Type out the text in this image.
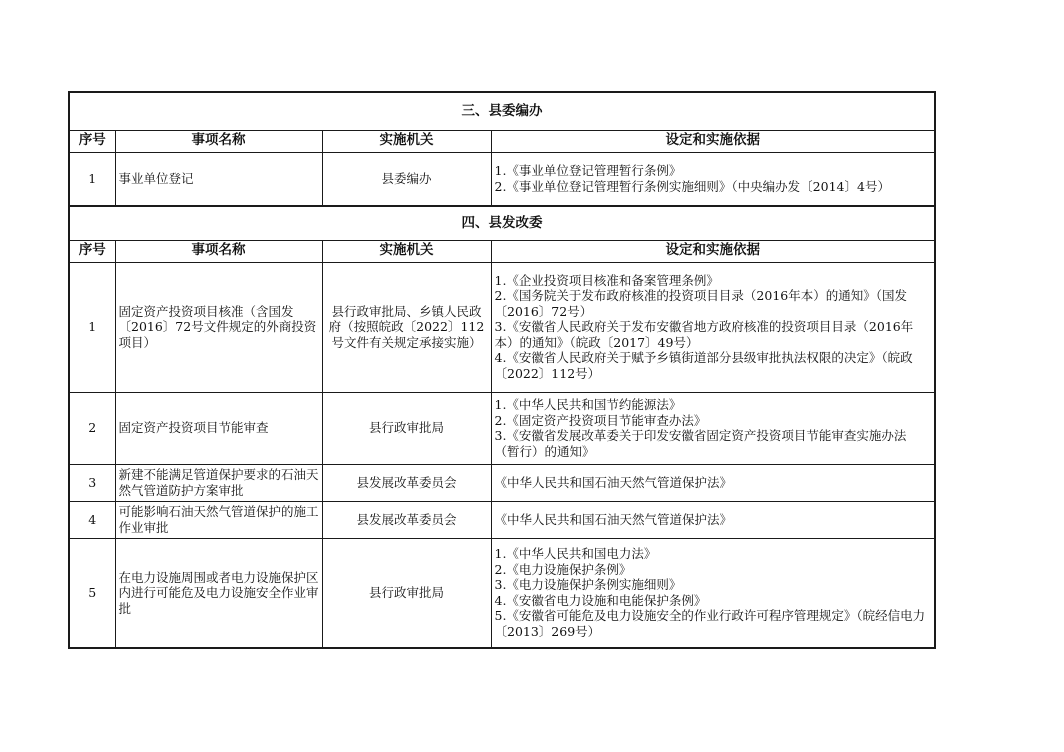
三、县委编办			
序号	事项名称	实施机关	设定和实施依据
1	事业单位登记	县委编办	1.《事业单位登记管理暂行条例》
2.《事业单位登记管理暂行条例实施细则》（中央编办发〔2014〕4号）

四、县发改委			
序号	事项名称	实施机关	设定和实施依据
1	固定资产投资项目核准（含国发〔2016〕72号文件规定的外商投资项目）	县行政审批局、乡镇人民政府（按照皖政〔2022〕112号文件有关规定承接实施）	1.《企业投资项目核准和备案管理条例》
2.《国务院关于发布政府核准的投资项目目录（2016年本）的通知》（国发〔2016〕72号）
3.《安徽省人民政府关于发布安徽省地方政府核准的投资项目目录（2016年本）的通知》（皖政〔2017〕49号）
4.《安徽省人民政府关于赋予乡镇街道部分县级审批执法权限的决定》（皖政〔2022〕112号）

2	固定资产投资项目节能审查	县行政审批局	1.《中华人民共和国节约能源法》
2.《固定资产投资项目节能审查办法》
3.《安徽省发展改革委关于印发安徽省固定资产投资项目节能审查实施办法（暂行）的通知》

3	新建不能满足管道保护要求的石油天然气管道防护方案审批	县发展改革委员会	《中华人民共和国石油天然气管道保护法》

4	可能影响石油天然气管道保护的施工作业审批	县发展改革委员会	《中华人民共和国石油天然气管道保护法》

5	在电力设施周围或者电力设施保护区内进行可能危及电力设施安全作业审批	县行政审批局	1.《中华人民共和国电力法》
2.《电力设施保护条例》
3.《电力设施保护条例实施细则》
4.《安徽省电力设施和电能保护条例》
5.《安徽省可能危及电力设施安全的作业行政许可程序管理规定》（皖经信电力〔2013〕269号）
